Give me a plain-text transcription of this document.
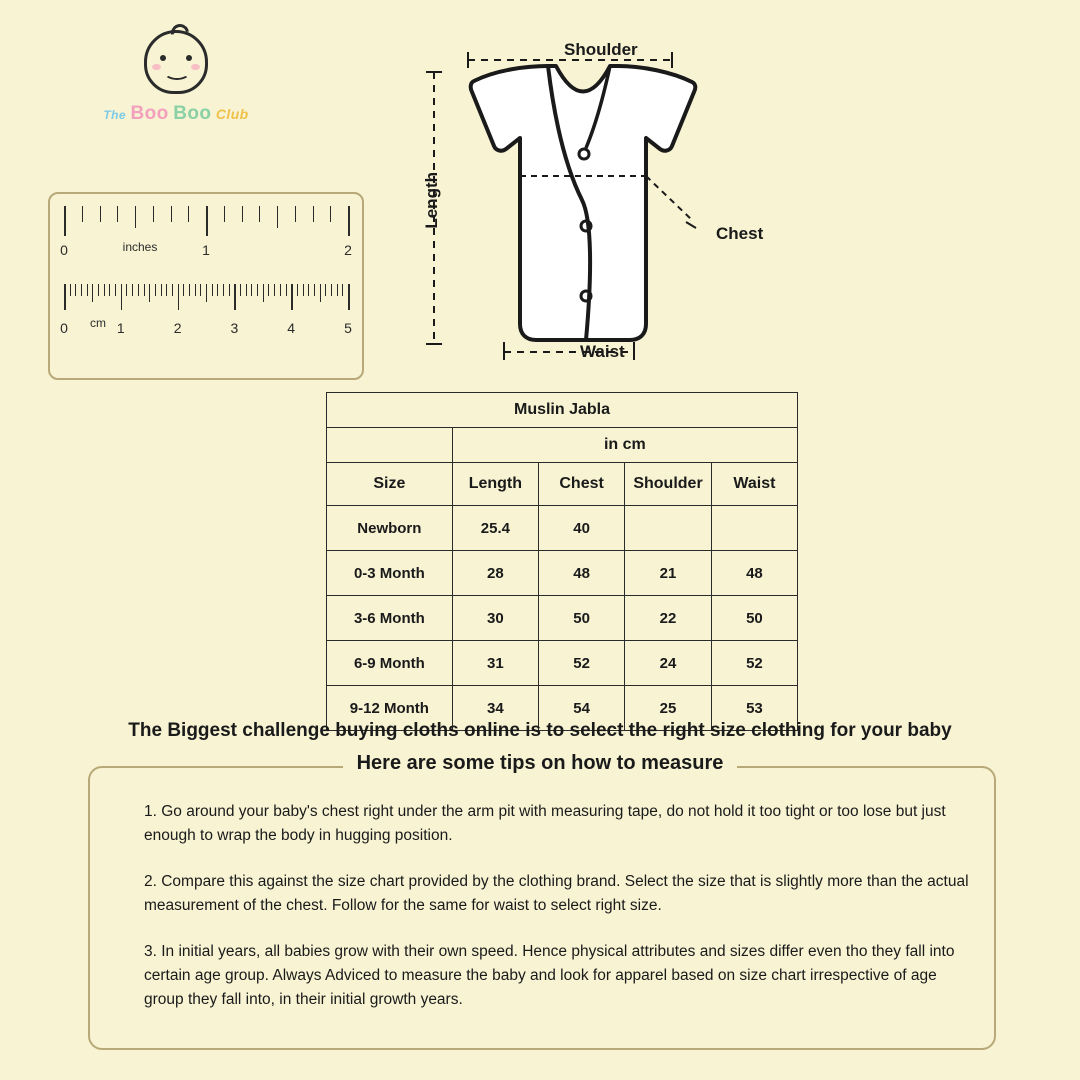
The Boo Boo Club
0	1	2
inches
0	1	2	3	4	5
cm
Shoulder
Chest
Waist
Length
Muslin Jabla				
	in cm			
Size	Length	Chest	Shoulder	Waist
Newborn	25.4	40		
0-3 Month	28	48	21	48
3-6 Month	30	50	22	50
6-9 Month	31	52	24	52
9-12 Month	34	54	25	53
The Biggest challenge buying cloths online is to select the right size clothing for your baby
Here are some tips on how to measure

1. Go around your baby's chest right under the arm pit with measuring tape, do not hold it too tight or too lose but just enough to wrap the body in hugging position.

2. Compare this against the size chart provided by the clothing brand. Select the size that is slightly more than the actual measurement of the chest. Follow for the same for waist to select right size.

3. In initial years, all babies grow with their own speed. Hence physical attributes and sizes differ even tho they fall into certain age group. Always Adviced to measure the baby and look for apparel based on size chart irrespective of age group they fall into, in their initial growth years.
